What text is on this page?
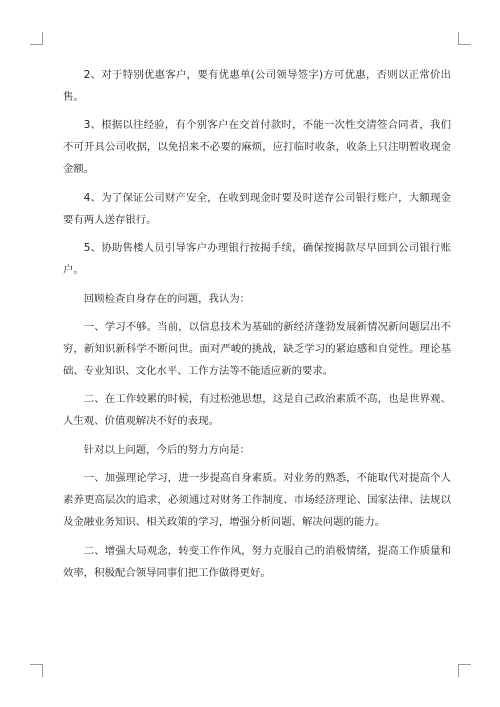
2、对于特别优惠客户，要有优惠单(公司领导签字)方可优惠，否则以正常价出售。

3、根据以往经验，有个别客户在交首付款时，不能一次性交清签合同者，我们不可开具公司收据，以免招来不必要的麻烦，应打临时收条，收条上只注明暂收现金金额。

4、为了保证公司财产安全，在收到现金时要及时送存公司银行账户，大额现金要有两人送存银行。

5、协助售楼人员引导客户办理银行按揭手续，确保按揭款尽早回到公司银行账户。

回顾检查自身存在的问题，我认为：

一、学习不够。当前，以信息技术为基础的新经济蓬勃发展新情况新问题层出不穷，新知识新科学不断问世。面对严峻的挑战，缺乏学习的紧迫感和自觉性。理论基础、专业知识、文化水平、工作方法等不能适应新的要求。

二、在工作较累的时候，有过松弛思想，这是自己政治素质不高，也是世界观、人生观、价值观解决不好的表现。

针对以上问题，今后的努力方向是：

一、加强理论学习，进一步提高自身素质。对业务的熟悉，不能取代对提高个人素养更高层次的追求，必须通过对财务工作制度、市场经济理论、国家法律、法规以及金融业务知识、相关政策的学习，增强分析问题、解决问题的能力。

二、增强大局观念，转变工作作风，努力克服自己的消极情绪，提高工作质量和效率，积极配合领导同事们把工作做得更好。
